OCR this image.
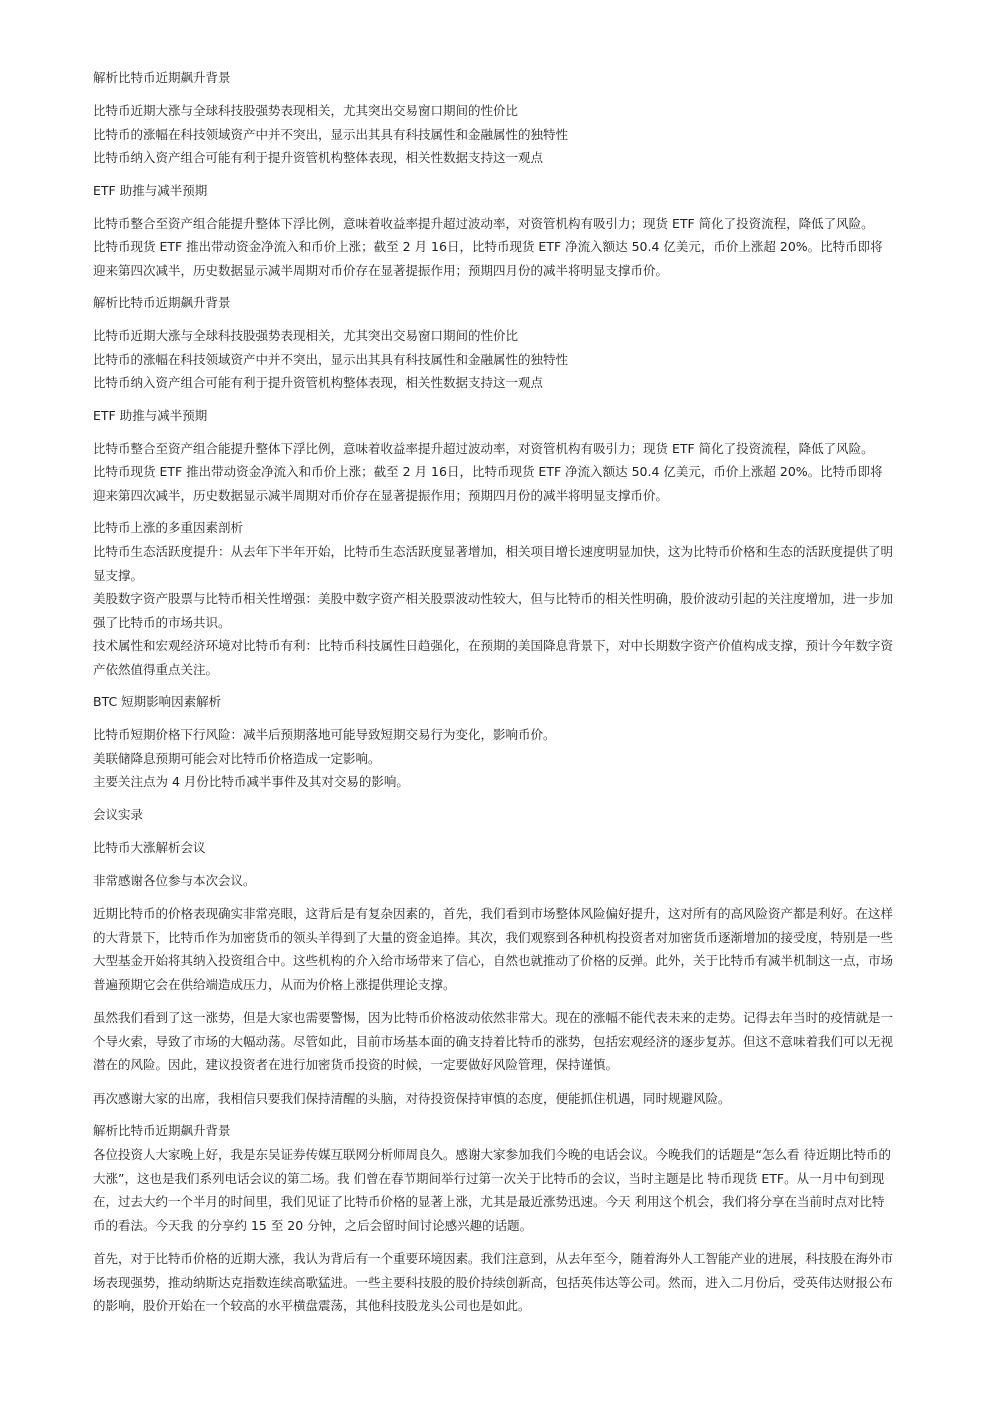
解析比特币近期飙升背景
比特币近期大涨与全球科技股强势表现相关，尤其突出交易窗口期间的性价比
比特币的涨幅在科技领域资产中并不突出，显示出其具有科技属性和金融属性的独特性
比特币纳入资产组合可能有利于提升资管机构整体表现，相关性数据支持这一观点
ETF 助推与减半预期
比特币整合至资产组合能提升整体下浮比例，意味着收益率提升超过波动率，对资管机构有吸引力；现货 ETF 简化了投资流程，降低了风险。
比特币现货 ETF 推出带动资金净流入和币价上涨；截至 2 月 16日，比特币现货 ETF 净流入额达 50.4 亿美元，币价上涨超 20%。比特币即将
迎来第四次减半，历史数据显示减半周期对币价存在显著提振作用；预期四月份的减半将明显支撑币价。
解析比特币近期飙升背景
比特币近期大涨与全球科技股强势表现相关，尤其突出交易窗口期间的性价比
比特币的涨幅在科技领域资产中并不突出，显示出其具有科技属性和金融属性的独特性
比特币纳入资产组合可能有利于提升资管机构整体表现，相关性数据支持这一观点
ETF 助推与减半预期
比特币整合至资产组合能提升整体下浮比例，意味着收益率提升超过波动率，对资管机构有吸引力；现货 ETF 简化了投资流程，降低了风险。
比特币现货 ETF 推出带动资金净流入和币价上涨；截至 2 月 16日，比特币现货 ETF 净流入额达 50.4 亿美元，币价上涨超 20%。比特币即将
迎来第四次减半，历史数据显示减半周期对币价存在显著提振作用；预期四月份的减半将明显支撑币价。
比特币上涨的多重因素剖析
比特币生态活跃度提升：从去年下半年开始，比特币生态活跃度显著增加，相关项目增长速度明显加快，这为比特币价格和生态的活跃度提供了明
显支撑。
美股数字资产股票与比特币相关性增强：美股中数字资产相关股票波动性较大，但与比特币的相关性明确，股价波动引起的关注度增加，进一步加
强了比特币的市场共识。
技术属性和宏观经济环境对比特币有利：比特币科技属性日趋强化，在预期的美国降息背景下，对中长期数字资产价值构成支撑，预计今年数字资
产依然值得重点关注。
BTC 短期影响因素解析
比特币短期价格下行风险：减半后预期落地可能导致短期交易行为变化，影响币价。
美联储降息预期可能会对比特币价格造成一定影响。
主要关注点为 4 月份比特币减半事件及其对交易的影响。
会议实录
比特币大涨解析会议
非常感谢各位参与本次会议。
近期比特币的价格表现确实非常亮眼，这背后是有复杂因素的，首先，我们看到市场整体风险偏好提升，这对所有的高风险资产都是利好。在这样
的大背景下，比特币作为加密货币的领头羊得到了大量的资金追捧。其次，我们观察到各种机构投资者对加密货币逐渐增加的接受度，特别是一些
大型基金开始将其纳入投资组合中。这些机构的介入给市场带来了信心，自然也就推动了价格的反弹。此外，关于比特币有减半机制这一点，市场
普遍预期它会在供给端造成压力，从而为价格上涨提供理论支撑。
虽然我们看到了这一涨势，但是大家也需要警惕，因为比特币价格波动依然非常大。现在的涨幅不能代表未来的走势。记得去年当时的疫情就是一
个导火索，导致了市场的大幅动荡。尽管如此，目前市场基本面的确支持着比特币的涨势，包括宏观经济的逐步复苏。但这不意味着我们可以无视
潜在的风险。因此，建议投资者在进行加密货币投资的时候，一定要做好风险管理，保持谨慎。
再次感谢大家的出席，我相信只要我们保持清醒的头脑，对待投资保持审慎的态度，便能抓住机遇，同时规避风险。
解析比特币近期飙升背景
各位投资人大家晚上好，我是东吴证券传媒互联网分析师周良久。感谢大家参加我们今晚的电话会议。今晚我们的话题是“怎么看 待近期比特币的
大涨”，这也是我们系列电话会议的第二场。我 们曾在春节期间举行过第一次关于比特币的会议，当时主题是比 特币现货 ETF。从一月中旬到现
在，过去大约一个半月的时间里，我们见证了比特币价格的显著上涨，尤其是最近涨势迅速。今天 利用这个机会，我们将分享在当前时点对比特
币的看法。今天我 的分享约 15 至 20 分钟，之后会留时间讨论感兴趣的话题。
首先，对于比特币价格的近期大涨，我认为背后有一个重要环境因素。我们注意到，从去年至今，随着海外人工智能产业的进展，科技股在海外市
场表现强势，推动纳斯达克指数连续高歌猛进。一些主要科技股的股价持续创新高，包括英伟达等公司。然而，进入二月份后，受英伟达财报公布
的影响，股价开始在一个较高的水平横盘震荡，其他科技股龙头公司也是如此。
